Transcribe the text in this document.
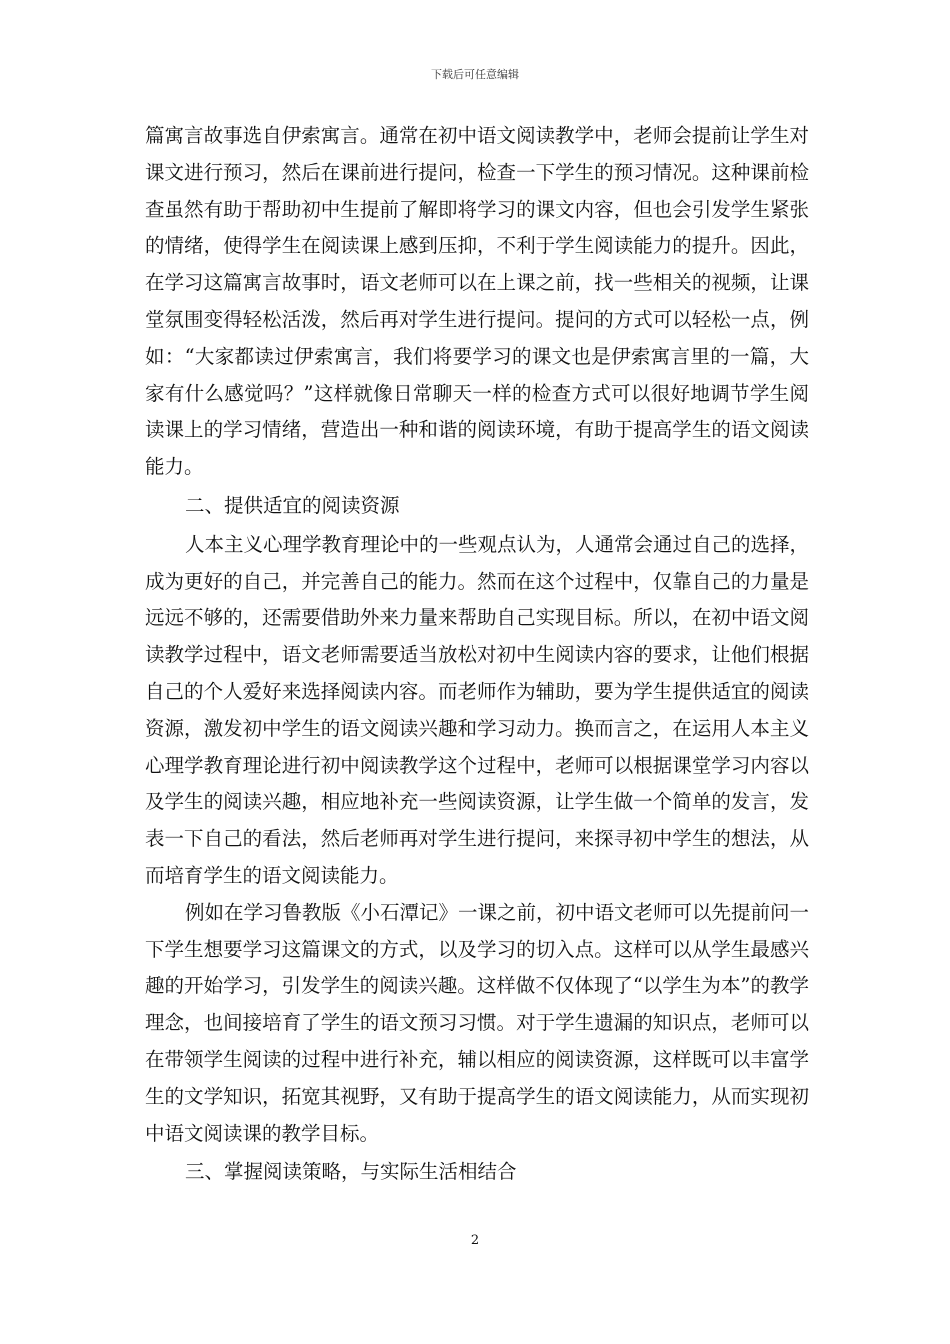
下载后可任意编辑

篇寓言故事选自伊索寓言。通常在初中语文阅读教学中，老师会提前让学生对课文进行预习，然后在课前进行提问，检查一下学生的预习情况。这种课前检查虽然有助于帮助初中生提前了解即将学习的课文内容，但也会引发学生紧张的情绪，使得学生在阅读课上感到压抑，不利于学生阅读能力的提升。因此，在学习这篇寓言故事时，语文老师可以在上课之前，找一些相关的视频，让课堂氛围变得轻松活泼，然后再对学生进行提问。提问的方式可以轻松一点，例如：“大家都读过伊索寓言，我们将要学习的课文也是伊索寓言里的一篇，大家有什么感觉吗？”这样就像日常聊天一样的检查方式可以很好地调节学生阅读课上的学习情绪，营造出一种和谐的阅读环境，有助于提高学生的语文阅读能力。

二、提供适宜的阅读资源

人本主义心理学教育理论中的一些观点认为，人通常会通过自己的选择，成为更好的自己，并完善自己的能力。然而在这个过程中，仅靠自己的力量是远远不够的，还需要借助外来力量来帮助自己实现目标。所以，在初中语文阅读教学过程中，语文老师需要适当放松对初中生阅读内容的要求，让他们根据自己的个人爱好来选择阅读内容。而老师作为辅助，要为学生提供适宜的阅读资源，激发初中学生的语文阅读兴趣和学习动力。换而言之，在运用人本主义心理学教育理论进行初中阅读教学这个过程中，老师可以根据课堂学习内容以及学生的阅读兴趣，相应地补充一些阅读资源，让学生做一个简单的发言，发表一下自己的看法，然后老师再对学生进行提问，来探寻初中学生的想法，从而培育学生的语文阅读能力。

例如在学习鲁教版《小石潭记》一课之前，初中语文老师可以先提前问一下学生想要学习这篇课文的方式，以及学习的切入点。这样可以从学生最感兴趣的开始学习，引发学生的阅读兴趣。这样做不仅体现了“以学生为本”的教学理念，也间接培育了学生的语文预习习惯。对于学生遗漏的知识点，老师可以在带领学生阅读的过程中进行补充，辅以相应的阅读资源，这样既可以丰富学生的文学知识，拓宽其视野，又有助于提高学生的语文阅读能力，从而实现初中语文阅读课的教学目标。

三、掌握阅读策略，与实际生活相结合

2
